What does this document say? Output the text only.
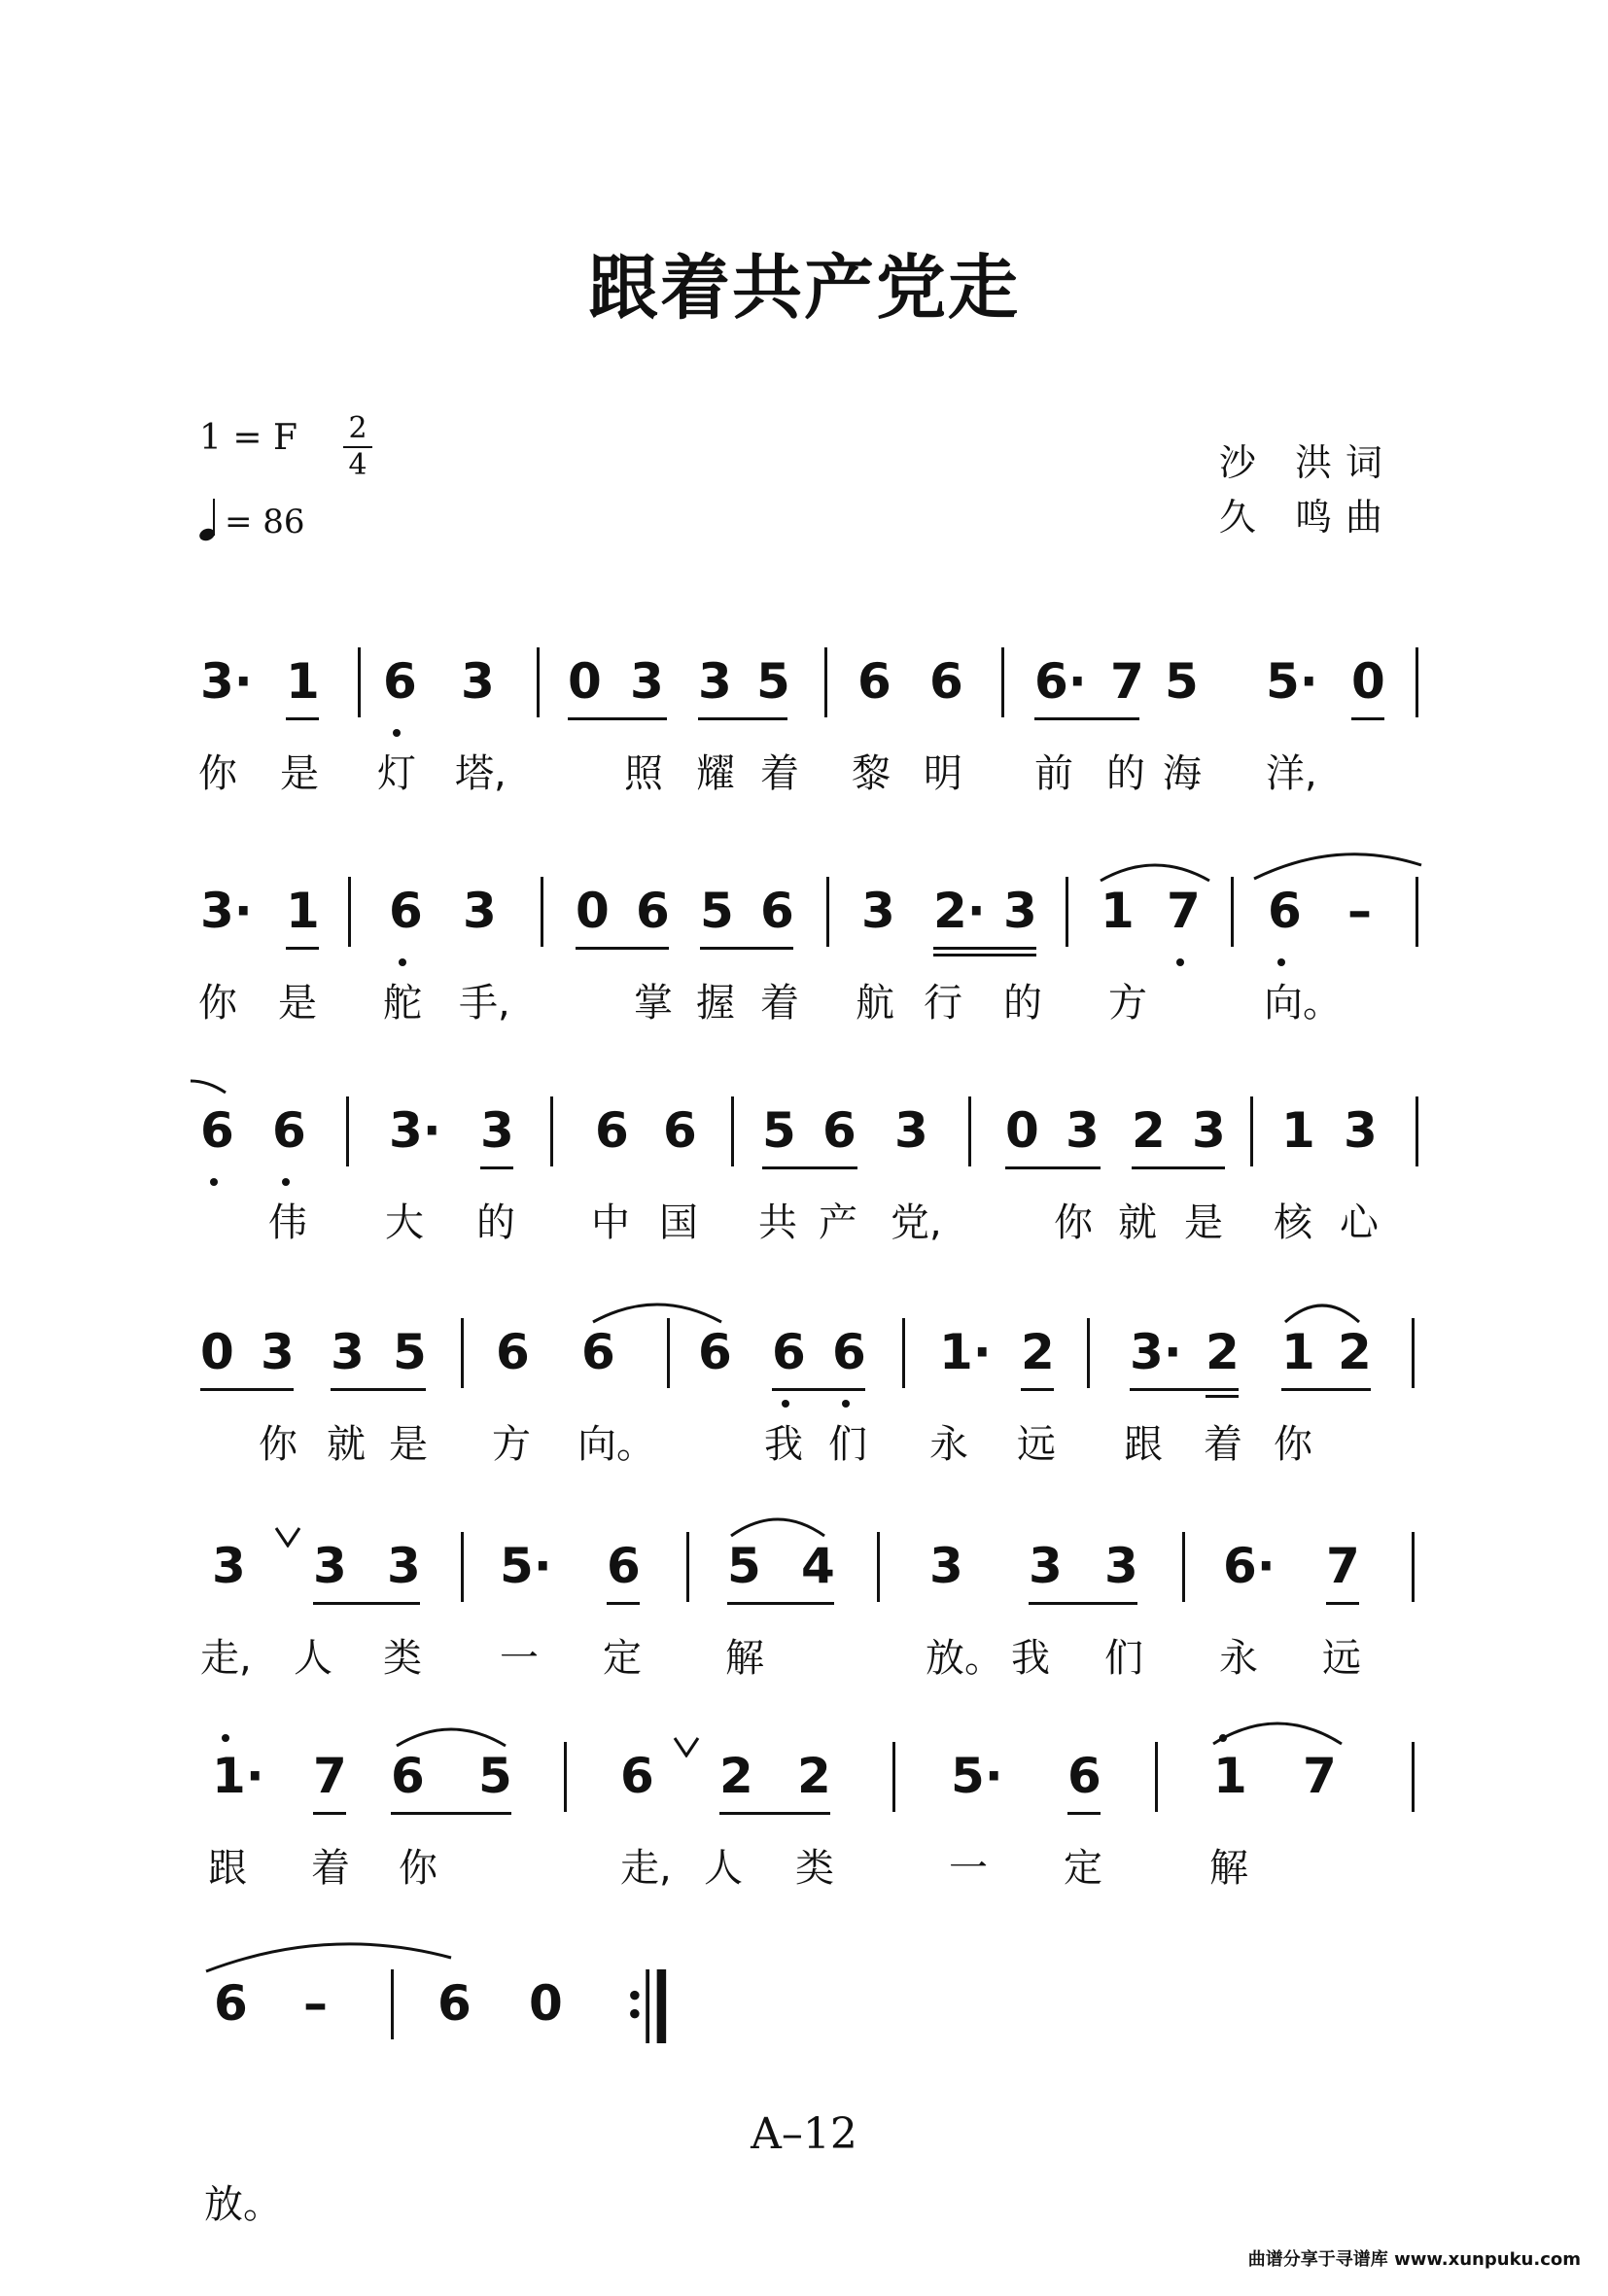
跟着共产党走
1 = F 2
4
= 86
沙 洪词
久 鸣曲
3· 1 6 3 0 3 3 5 6 6 6· 7 5 5· 0
你 是 灯 塔,	照 耀 着 黎 明 前 的 海 洋,
3· 1 6 3 0 6 5 6 3 2· 3 1 7 6 –
你 是 舵 手,	掌 握 着 航 行 的 方	向。
6 6 3· 3 6 6 5 6 3 0 3 2 3 1 3
伟 大 的 中 国 共 产 党,	你 就 是 核 心
0 3 3 5 6 6 6 6 6 1· 2 3· 2 1 2
你 就 是 方 向。	我 们 永 远 跟 着 你
3 3 3 5· 6 5 4 3 3 3 6· 7
走, 人 类 一 定 解	放。 我 们 永 远
1· 7 6 5 6 2 2 5· 6 1 7
跟 着 你	走, 人 类	一 定	解
6 – 6 0
放。
A–12
曲谱分享于寻谱库 www.xunpuku.com
